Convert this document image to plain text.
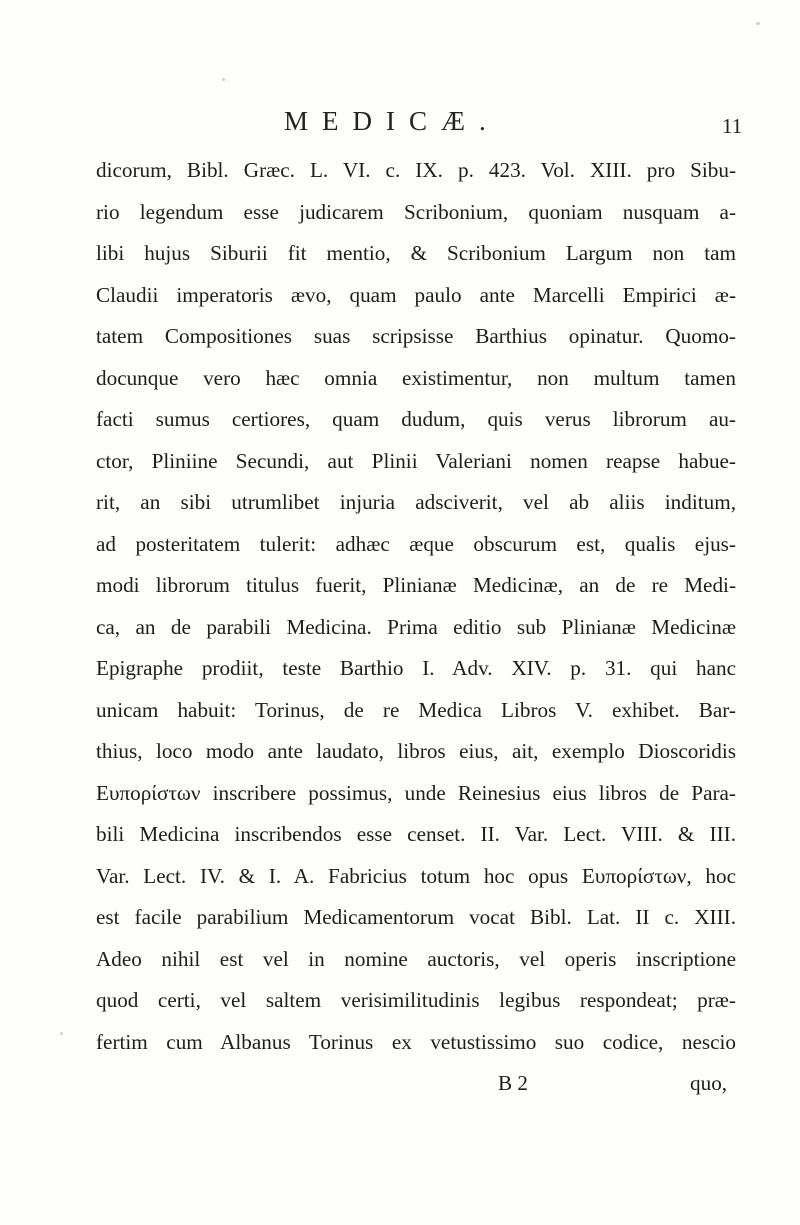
MEDICÆ.	11
dicorum, Bibl. Græc. L. VI. c. IX. p. 423. Vol. XIII. pro Sibu-
rio legendum esse judicarem Scribonium, quoniam nusquam a-
libi hujus Siburii fit mentio, & Scribonium Largum non tam
Claudii imperatoris ævo, quam paulo ante Marcelli Empirici æ-
tatem Compositiones suas scripsisse Barthius opinatur. Quomo-
docunque vero hæc omnia existimentur, non multum tamen
facti sumus certiores, quam dudum, quis verus librorum au-
ctor, Pliniine Secundi, aut Plinii Valeriani nomen reapse habue-
rit, an sibi utrumlibet injuria adsciverit, vel ab aliis inditum,
ad posteritatem tulerit: adhæc æque obscurum est, qualis ejus-
modi librorum titulus fuerit, Plinianæ Medicinæ, an de re Medi-
ca, an de parabili Medicina. Prima editio sub Plinianæ Medicinæ
Epigraphe prodiit, teste Barthio I. Adv. XIV. p. 31. qui hanc
unicam habuit: Torinus, de re Medica Libros V. exhibet. Bar-
thius, loco modo ante laudato, libros eius, ait, exemplo Dioscoridis
Ευπορίστων inscribere possimus, unde Reinesius eius libros de Para-
bili Medicina inscribendos esse censet. II. Var. Lect. VIII. & III.
Var. Lect. IV. & I. A. Fabricius totum hoc opus Ευπορίστων, hoc
est facile parabilium Medicamentorum vocat Bibl. Lat. II c. XIII.
Adeo nihil est vel in nomine auctoris, vel operis inscriptione
quod certi, vel saltem verisimilitudinis legibus respondeat; præ-
fertim cum Albanus Torinus ex vetustissimo suo codice, nescio
B 2	quo,
